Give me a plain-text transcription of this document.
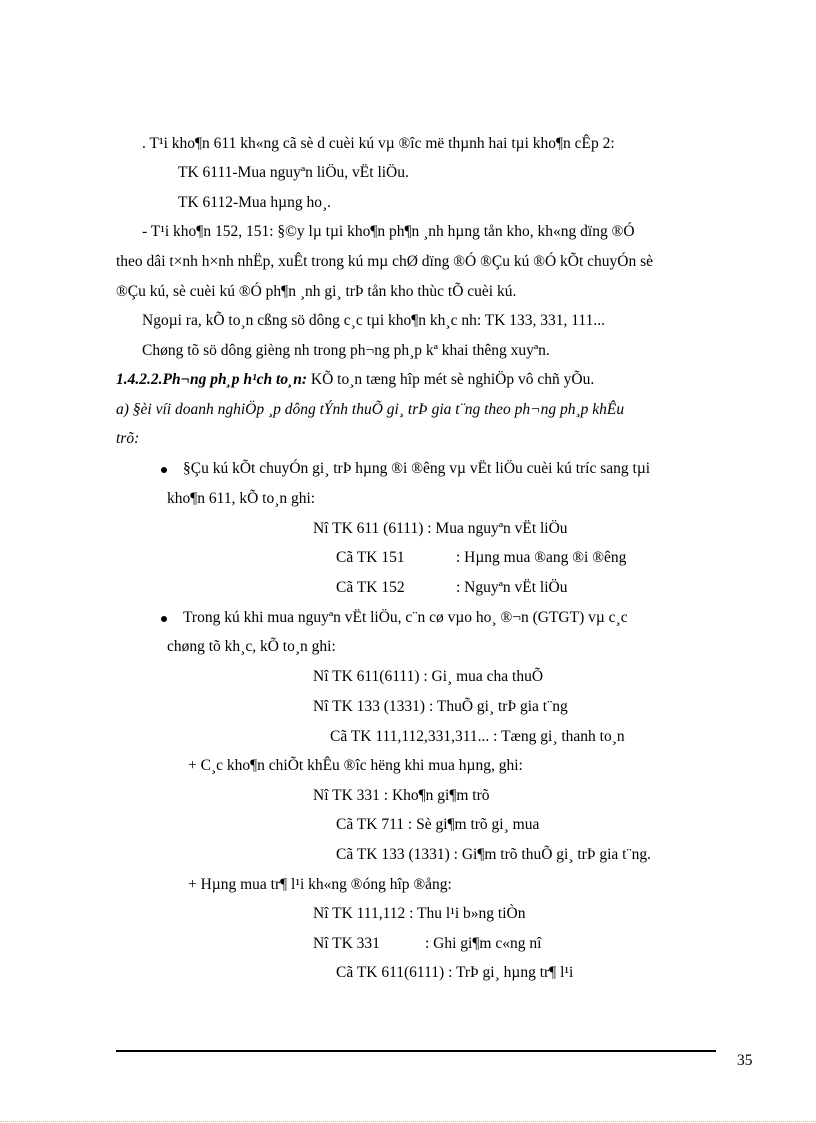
. T¹i kho¶n 611 kh«ng cã sè d cuèi kú vµ ®îc më thµnh hai tµi kho¶n cÊp 2:
TK 6111-Mua nguyªn liÖu, vËt liÖu.
TK 6112-Mua hµng ho¸.
- T¹i kho¶n 152, 151: §©y lµ tµi kho¶n ph¶n ¸nh hµng tån kho, kh«ng dïng ®Ó
theo dâi t×nh h×nh nhËp, xuÊt trong kú mµ chØ dïng ®Ó ®Çu kú ®Ó kÕt chuyÓn sè
®Çu kú, sè cuèi kú ®Ó ph¶n ¸nh gi¸ trÞ tån kho thùc tÕ cuèi kú.
Ngoµi ra, kÕ to¸n cßng sö dông c¸c tµi kho¶n kh¸c nh: TK 133, 331, 111...
Chøng tõ sö dông gièng nh trong ph¬ng ph¸p kª khai thêng xuyªn.
1.4.2.2.Ph¬ng ph¸p h¹ch to¸n: KÕ to¸n tæng hîp mét sè nghiÖp vô chñ yÕu.
a) §èi víi doanh nghiÖp ¸p dông tÝnh thuÕ gi¸ trÞ gia t¨ng theo ph¬ng ph¸p khÊu
trõ:
§Çu kú kÕt chuyÓn gi¸ trÞ hµng ®i ®êng vµ vËt liÖu cuèi kú tríc sang tµi
kho¶n 611, kÕ to¸n ghi:
Nî TK 611 (6111) : Mua nguyªn vËt liÖu
Cã TK 151	: Hµng mua ®ang ®i ®êng
Cã TK 152	: Nguyªn vËt liÖu
Trong kú khi mua nguyªn vËt liÖu, c¨n cø vµo ho¸ ®¬n (GTGT) vµ c¸c
chøng tõ kh¸c, kÕ to¸n ghi:
Nî TK 611(6111) : Gi¸ mua cha thuÕ
Nî TK 133 (1331) : ThuÕ gi¸ trÞ gia t¨ng
Cã TK 111,112,331,311... : Tæng gi¸ thanh to¸n
+ C¸c kho¶n chiÕt khÊu ®îc hëng khi mua hµng, ghi:
Nî TK 331 : Kho¶n gi¶m trõ
Cã TK 711 : Sè gi¶m trõ gi¸ mua
Cã TK 133 (1331) : Gi¶m trõ thuÕ gi¸ trÞ gia t¨ng.
+ Hµng mua tr¶ l¹i kh«ng ®óng hîp ®ång:
Nî TK 111,112 : Thu l¹i b»ng tiÒn
Nî TK 331	: Ghi gi¶m c«ng nî
Cã TK 611(6111) : TrÞ gi¸ hµng tr¶ l¹i
35
